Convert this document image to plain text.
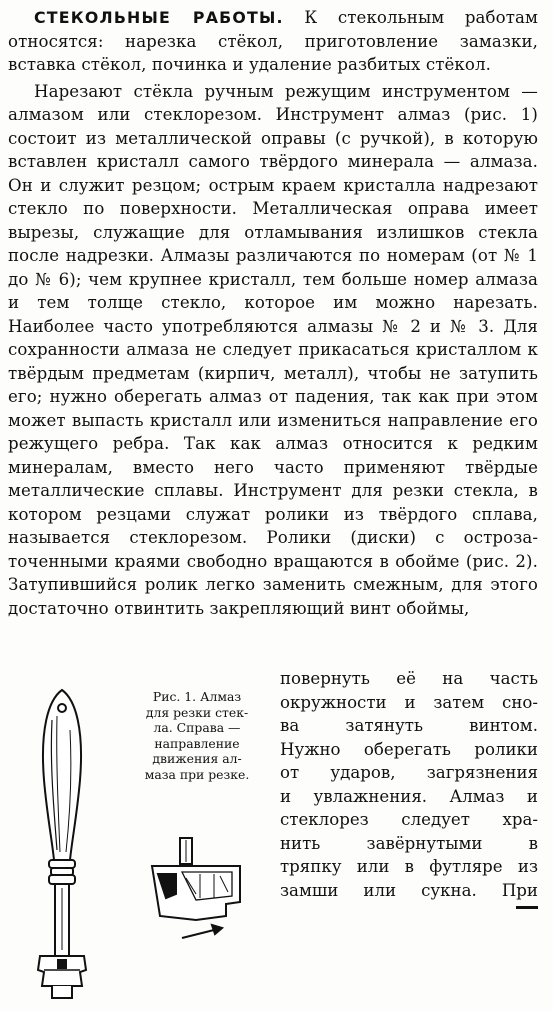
СТЕКОЛЬНЫЕ РАБОТЫ. К стекольным работам относятся: нарезка стёкол, приготовление замазки, вставка стёкол, починка и удаление разбитых стёкол.

Нарезают стёкла ручным режущим инструментом — алмазом или стеклорезом. Инструмент алмаз (рис. 1) состоит из металлической оправы (с ручкой), в которую вставлен кристалл самого твёрдого минерала — алмаза. Он и служит резцом; острым краем кристалла надрезают стекло по поверхности. Металлическая оправа имеет вырезы, служащие для отламывания излишков стекла после надрезки. Алмазы различаются по номерам (от № 1 до № 6); чем крупнее кристалл, тем больше номер алмаза и тем толще стекло, которое им можно нарезать. Наиболее часто употребляются алмазы № 2 и № 3. Для сохранности алмаза не следует прикасаться кристаллом к твёрдым предметам (кирпич, металл), чтобы не затупить его; нужно оберегать алмаз от падения, так как при этом может выпасть кристалл или измениться направление его режущего ребра. Так как алмаз относится к редким минералам, вместо него часто применяют твёрдые металлические сплавы. Инструмент для резки стекла, в котором резцами служат ролики из твёрдого сплава, называется стеклорезом. Ролики (диски) с острозаточенными краями свободно вращаются в обойме (рис. 2). Затупившийся ролик легко заменить смежным, для этого достаточно отвинтить закрепляющий винт обоймы,

Рис. 1. Алмаз
для резки стек-
ла. Справа —
направление
движения ал-
маза при резке.
повернуть её на часть
окружности и затем сно-
ва затянуть винтом.
Нужно оберегать ролики
от ударов, загрязнения
и увлажнения. Алмаз и
стеклорез следует хра-
нить завёрнутыми в
тряпку или в футляре из
замши или сукна. При
